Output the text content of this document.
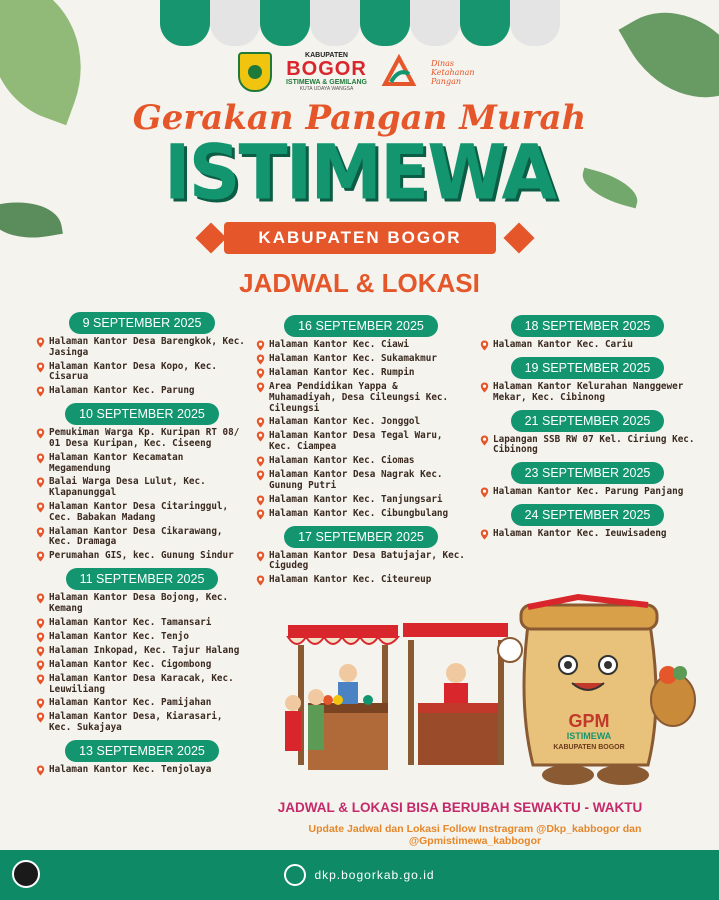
KABUPATEN
BOGOR
ISTIMEWA & GEMILANG
KUTA UDAYA WANGSA
Dinas Ketahanan Pangan
Gerakan Pangan Murah
ISTIMEWA
KABUPATEN BOGOR
JADWAL & LOKASI
9 SEPTEMBER 2025
Halaman Kantor Desa Barengkok, Kec. Jasinga
Halaman Kantor Desa Kopo, Kec. Cisarua
Halaman Kantor Kec. Parung
10 SEPTEMBER 2025
Pemukiman Warga Kp. Kuripan RT 08/ 01 Desa Kuripan, Kec. Ciseeng
Halaman Kantor Kecamatan Megamendung
Balai Warga Desa Lulut, Kec. Klapanunggal
Halaman Kantor Desa Citaringgul, Cec. Babakan Madang
Halaman Kantor Desa Cikarawang, Kec. Dramaga
Perumahan GIS, kec. Gunung Sindur
11 SEPTEMBER 2025
Halaman Kantor Desa Bojong, Kec. Kemang
Halaman Kantor Kec. Tamansari
Halaman Kantor Kec. Tenjo
Halaman Inkopad, Kec. Tajur Halang
Halaman Kantor Kec. Cigombong
Halaman Kantor Desa Karacak, Kec. Leuwiliang
Halaman Kantor Kec. Pamijahan
Halaman Kantor Desa, Kiarasari, Kec. Sukajaya
13 SEPTEMBER 2025
Halaman Kantor Kec. Tenjolaya
16 SEPTEMBER 2025
Halaman Kantor Kec. Ciawi
Halaman Kantor Kec. Sukamakmur
Halaman Kantor Kec. Rumpin
Area Pendidikan Yappa & Muhamadiyah, Desa Cileungsi Kec. Cileungsi
Halaman Kantor Kec. Jonggol
Halaman Kantor Desa Tegal Waru, Kec. Ciampea
Halaman Kantor Kec. Ciomas
Halaman Kantor Desa Nagrak Kec. Gunung Putri
Halaman Kantor Kec. Tanjungsari
Halaman Kantor Kec. Cibungbulang
17 SEPTEMBER 2025
Halaman Kantor Desa Batujajar, Kec. Cigudeg
Halaman Kantor Kec. Citeureup
18 SEPTEMBER 2025
Halaman Kantor Kec. Cariu
19 SEPTEMBER 2025
Halaman Kantor Kelurahan Nanggewer Mekar, Kec. Cibinong
21 SEPTEMBER 2025
Lapangan SSB RW 07 Kel. Ciriung Kec. Cibinong
23 SEPTEMBER 2025
Halaman Kantor Kec. Parung Panjang
24 SEPTEMBER 2025
Halaman Kantor Kec. Ieuwisadeng
GPM
ISTIMEWA
KABUPATEN BOGOR
JADWAL & LOKASI BISA BERUBAH SEWAKTU - WAKTU
Update Jadwal dan Lokasi Follow Instragram @Dkp_kabbogor dan @Gpmistimewa_kabbogor
dkp.bogorkab.go.id
